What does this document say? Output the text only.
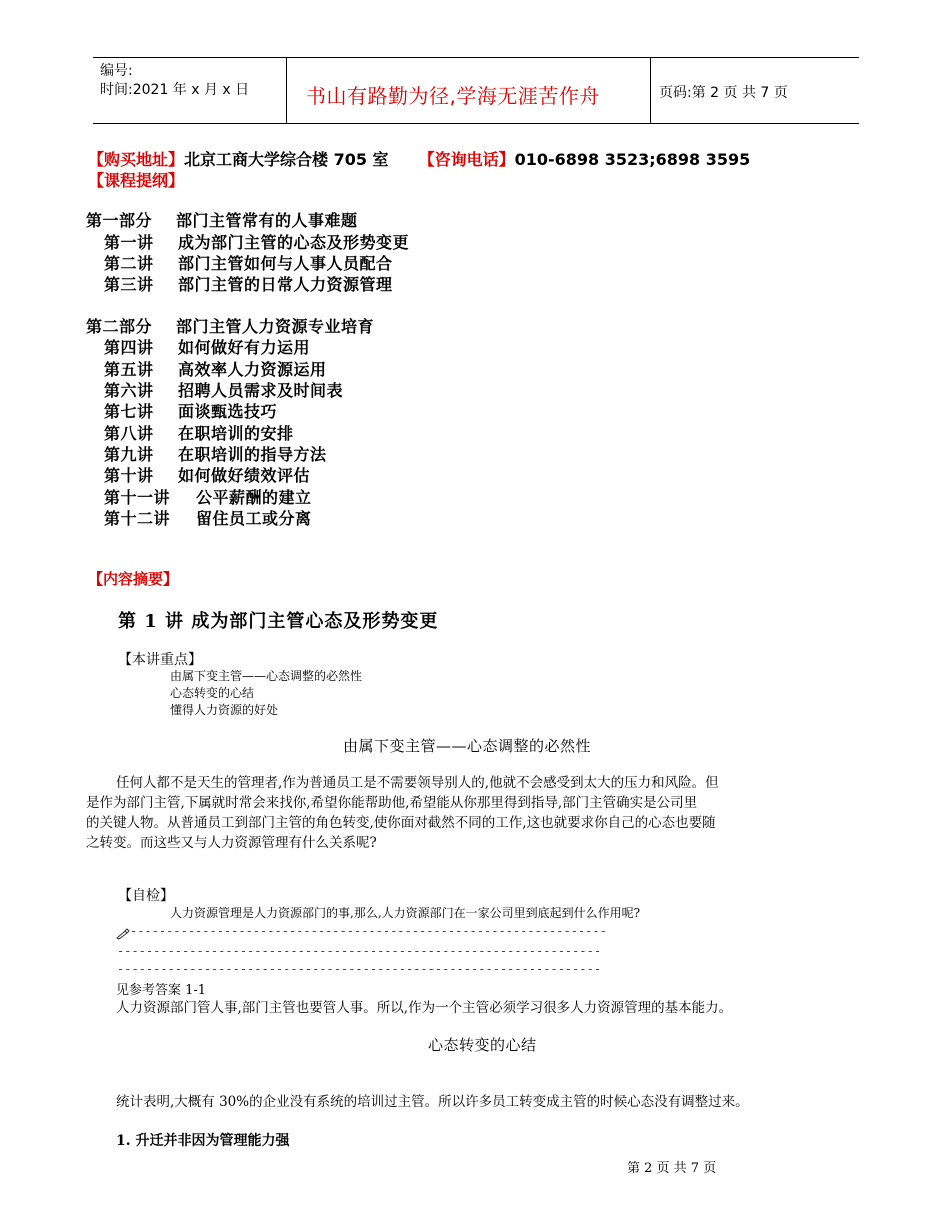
编号:
时间:2021 年 x 月 x 日	书山有路勤为径,学海无涯苦作舟	页码:第 2 页 共 7 页
【购买地址】北京工商大学综合楼 705 室 【咨询电话】010-6898 3523;6898 3595
【课程提纲】
第一部分 部门主管常有的人事难题
第一讲 成为部门主管的心态及形势变更
第二讲 部门主管如何与人事人员配合
第三讲 部门主管的日常人力资源管理
第二部分 部门主管人力资源专业培育
第四讲 如何做好有力运用
第五讲 高效率人力资源运用
第六讲 招聘人员需求及时间表
第七讲 面谈甄选技巧
第八讲 在职培训的安排
第九讲 在职培训的指导方法
第十讲 如何做好绩效评估
第十一讲 公平薪酬的建立
第十二讲 留住员工或分离
【内容摘要】
第 1 讲 成为部门主管心态及形势变更
【本讲重点】
由属下变主管——心态调整的必然性
心态转变的心结
懂得人力资源的好处
由属下变主管——心态调整的必然性
任何人都不是天生的管理者,作为普通员工是不需要领导别人的,他就不会感受到太大的压力和风险。但
是作为部门主管,下属就时常会来找你,希望你能帮助他,希望能从你那里得到指导,部门主管确实是公司里
的关键人物。从普通员工到部门主管的角色转变,使你面对截然不同的工作,这也就要求你自己的心态也要随
之转变。而这些又与人力资源管理有什么关系呢?
【自检】
人力资源管理是人力资源部门的事,那么,人力资源部门在一家公司里到底起到什么作用呢?
------------------------------------------------------------------
-------------------------------------------------------------------
-------------------------------------------------------------------
见参考答案 1-1
人力资源部门管人事,部门主管也要管人事。所以,作为一个主管必须学习很多人力资源管理的基本能力。
心态转变的心结
统计表明,大概有 30%的企业没有系统的培训过主管。所以许多员工转变成主管的时候心态没有调整过来。
1. 升迁并非因为管理能力强
第 2 页 共 7 页
